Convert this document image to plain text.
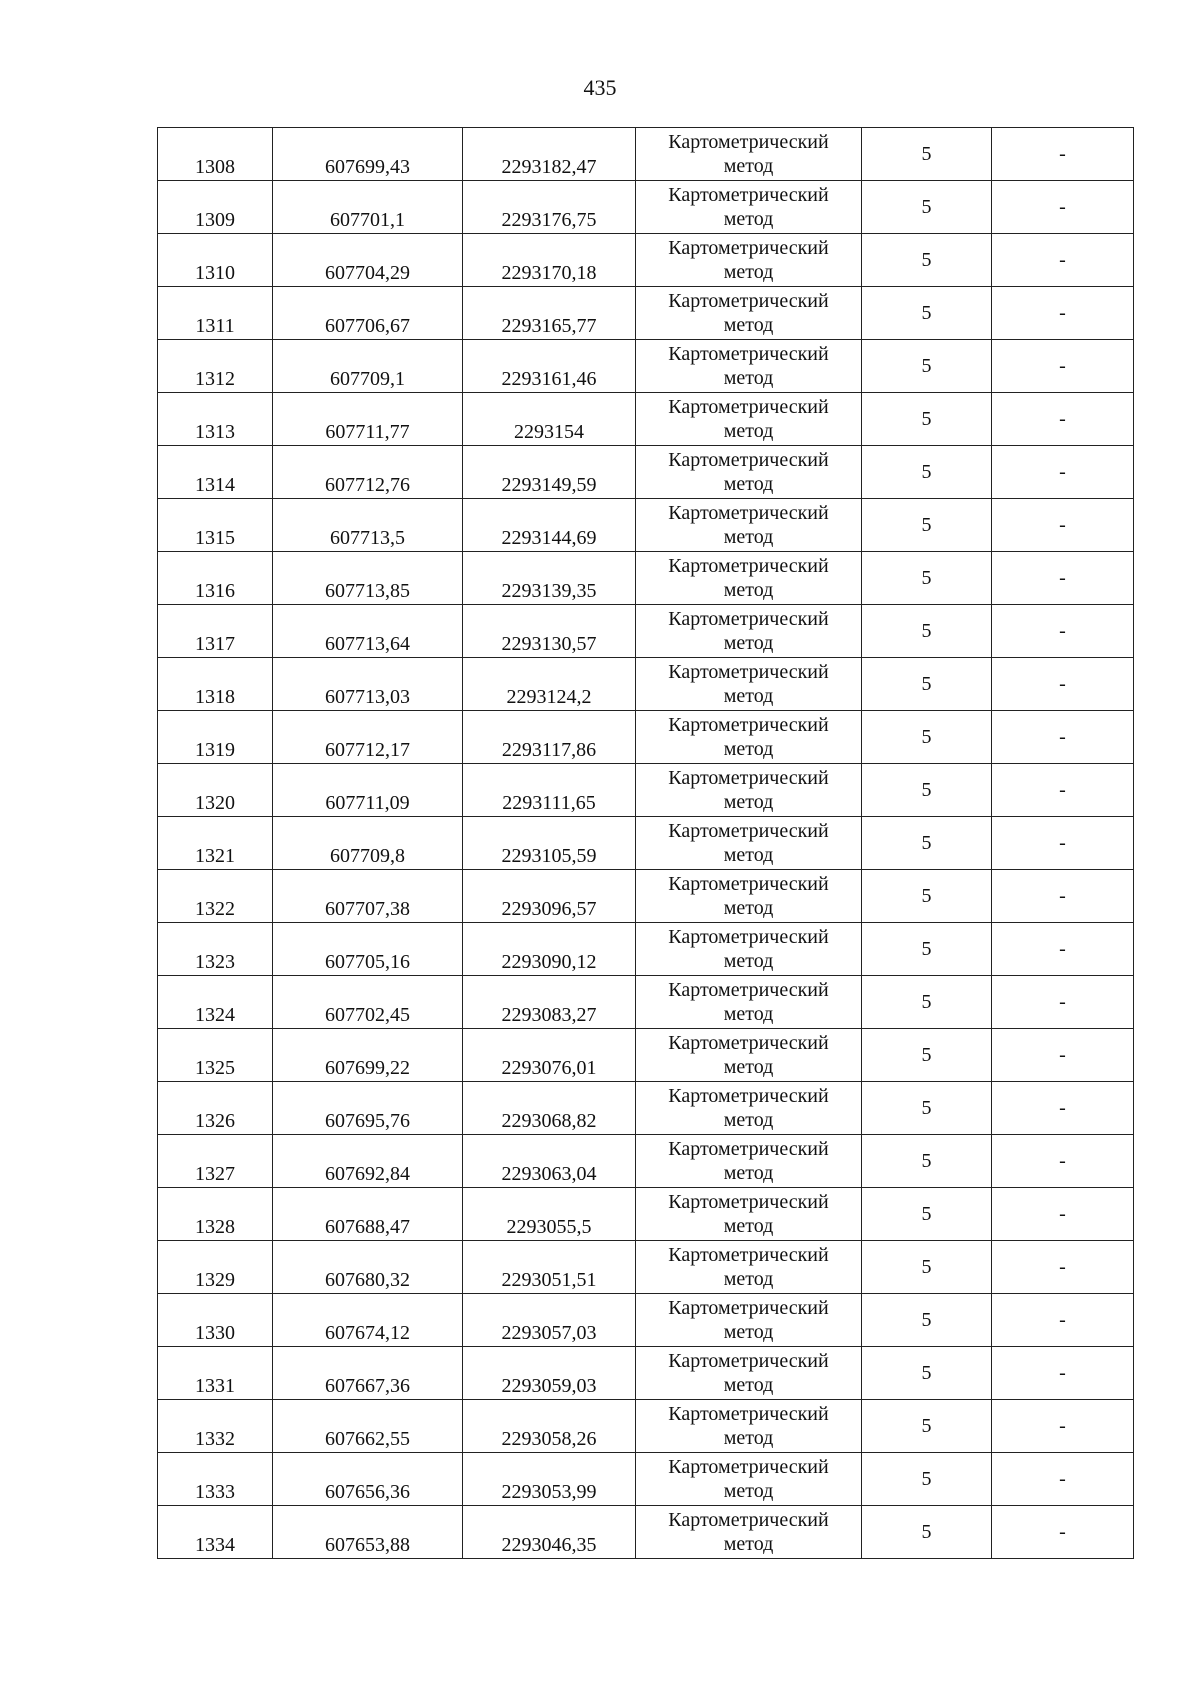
435
1308	607699,43	2293182,47	Картометрический
метод	5	-
1309	607701,1	2293176,75	Картометрический
метод	5	-
1310	607704,29	2293170,18	Картометрический
метод	5	-
1311	607706,67	2293165,77	Картометрический
метод	5	-
1312	607709,1	2293161,46	Картометрический
метод	5	-
1313	607711,77	2293154	Картометрический
метод	5	-
1314	607712,76	2293149,59	Картометрический
метод	5	-
1315	607713,5	2293144,69	Картометрический
метод	5	-
1316	607713,85	2293139,35	Картометрический
метод	5	-
1317	607713,64	2293130,57	Картометрический
метод	5	-
1318	607713,03	2293124,2	Картометрический
метод	5	-
1319	607712,17	2293117,86	Картометрический
метод	5	-
1320	607711,09	2293111,65	Картометрический
метод	5	-
1321	607709,8	2293105,59	Картометрический
метод	5	-
1322	607707,38	2293096,57	Картометрический
метод	5	-
1323	607705,16	2293090,12	Картометрический
метод	5	-
1324	607702,45	2293083,27	Картометрический
метод	5	-
1325	607699,22	2293076,01	Картометрический
метод	5	-
1326	607695,76	2293068,82	Картометрический
метод	5	-
1327	607692,84	2293063,04	Картометрический
метод	5	-
1328	607688,47	2293055,5	Картометрический
метод	5	-
1329	607680,32	2293051,51	Картометрический
метод	5	-
1330	607674,12	2293057,03	Картометрический
метод	5	-
1331	607667,36	2293059,03	Картометрический
метод	5	-
1332	607662,55	2293058,26	Картометрический
метод	5	-
1333	607656,36	2293053,99	Картометрический
метод	5	-
1334	607653,88	2293046,35	Картометрический
метод	5	-
